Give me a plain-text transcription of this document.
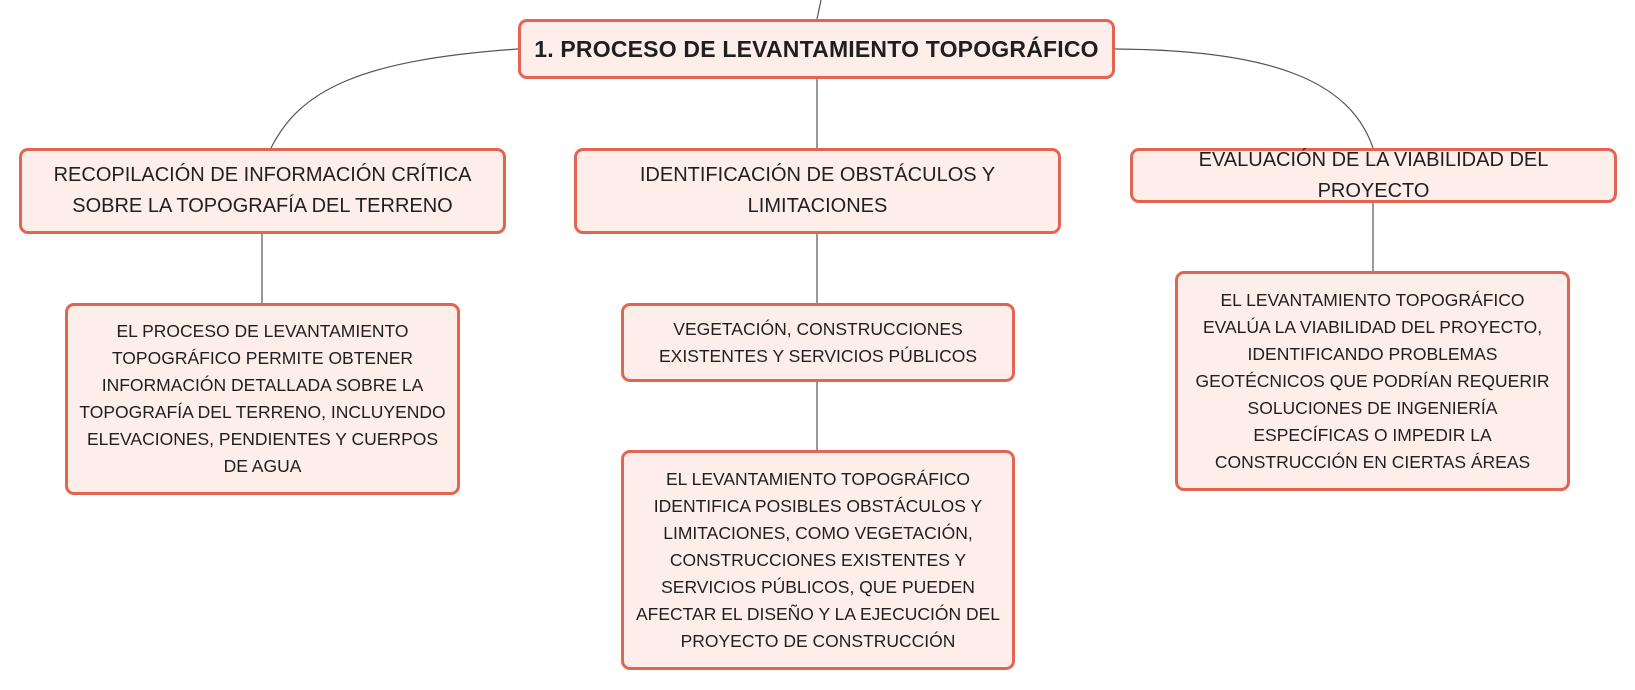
1. PROCESO DE LEVANTAMIENTO TOPOGRÁFICO
RECOPILACIÓN DE INFORMACIÓN CRÍTICA SOBRE LA TOPOGRAFÍA DEL TERRENO
IDENTIFICACIÓN DE OBSTÁCULOS Y LIMITACIONES
EVALUACIÓN DE LA VIABILIDAD DEL PROYECTO
EL PROCESO DE LEVANTAMIENTO TOPOGRÁFICO PERMITE OBTENER INFORMACIÓN DETALLADA SOBRE LA TOPOGRAFÍA DEL TERRENO, INCLUYENDO ELEVACIONES, PENDIENTES Y CUERPOS DE AGUA
VEGETACIÓN, CONSTRUCCIONES EXISTENTES Y SERVICIOS PÚBLICOS
EL LEVANTAMIENTO TOPOGRÁFICO IDENTIFICA POSIBLES OBSTÁCULOS Y LIMITACIONES, COMO VEGETACIÓN, CONSTRUCCIONES EXISTENTES Y SERVICIOS PÚBLICOS, QUE PUEDEN AFECTAR EL DISEÑO Y LA EJECUCIÓN DEL PROYECTO DE CONSTRUCCIÓN
EL LEVANTAMIENTO TOPOGRÁFICO EVALÚA LA VIABILIDAD DEL PROYECTO, IDENTIFICANDO PROBLEMAS GEOTÉCNICOS QUE PODRÍAN REQUERIR SOLUCIONES DE INGENIERÍA ESPECÍFICAS O IMPEDIR LA CONSTRUCCIÓN EN CIERTAS ÁREAS
